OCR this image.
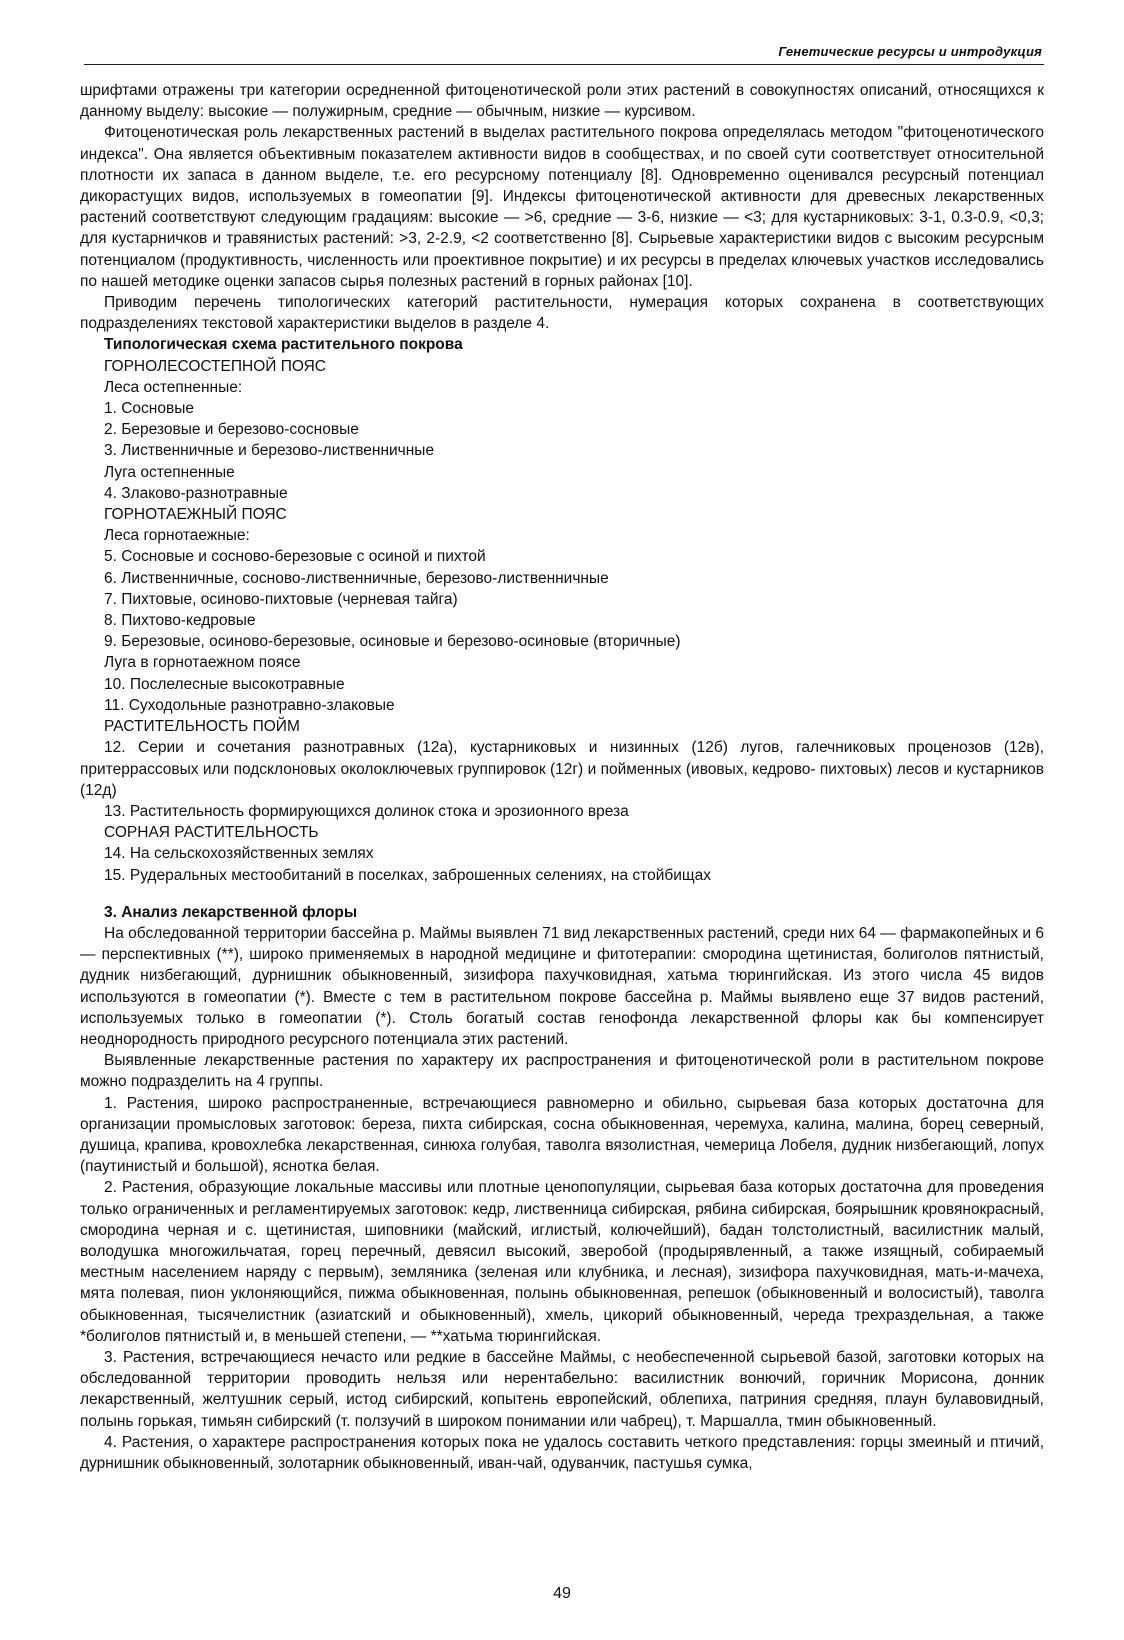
Генетические ресурсы и интродукция

шрифтами отражены три категории осредненной фитоценотической роли этих растений в совокупностях описаний, относящихся к данному выделу: высокие — полужирным, средние — обычным, низкие — курсивом.

Фитоценотическая роль лекарственных растений в выделах растительного покрова определялась методом "фитоценотического индекса". Она является объективным показателем активности видов в сообществах, и по своей сути соответствует относительной плотности их запаса в данном выделе, т.е. его ресурсному потенциалу [8]. Одновременно оценивался ресурсный потенциал дикорастущих видов, используемых в гомеопатии [9]. Индексы фитоценотической активности для древесных лекарственных растений соответствуют следующим градациям: высокие — >6, средние — 3-6, низкие — <3; для кустарниковых: 3-1, 0.3-0.9, <0,3; для кустарничков и травянистых растений: >3, 2-2.9, <2 соответственно [8]. Сырьевые характеристики видов с высоким ресурсным потенциалом (продуктивность, численность или проективное покрытие) и их ресурсы в пределах ключевых участков исследовались по нашей методике оценки запасов сырья полезных растений в горных районах [10].

Приводим перечень типологических категорий растительности, нумерация которых сохранена в соответствующих подразделениях текстовой характеристики выделов в разделе 4.

Типологическая схема растительного покрова

ГОРНОЛЕСОСТЕПНОЙ ПОЯС

Леса остепненные:

1. Сосновые

2. Березовые и березово-сосновые

3. Лиственничные и березово-лиственничные

Луга остепненные

4. Злаково-разнотравные

ГОРНОТАЕЖНЫЙ ПОЯС

Леса горнотаежные:

5. Сосновые и сосново-березовые с осиной и пихтой

6. Лиственничные, сосново-лиственничные, березово-лиственничные

7. Пихтовые, осиново-пихтовые (черневая тайга)

8. Пихтово-кедровые

9. Березовые, осиново-березовые, осиновые и березово-осиновые (вторичные)

Луга в горнотаежном поясе

10. Послелесные высокотравные

11. Суходольные разнотравно-злаковые

РАСТИТЕЛЬНОСТЬ ПОЙМ

12. Серии и сочетания разнотравных (12а), кустарниковых и низинных (12б) лугов, галечниковых проценозов (12в), притеррассовых или подсклоновых околоключевых группировок (12г) и пойменных (ивовых, кедрово- пихтовых) лесов и кустарников (12д)

13. Растительность формирующихся долинок стока и эрозионного вреза

СОРНАЯ РАСТИТЕЛЬНОСТЬ

14. На сельскохозяйственных землях

15. Рудеральных местообитаний в поселках, заброшенных селениях, на стойбищах

3. Анализ лекарственной флоры

На обследованной территории бассейна р. Маймы выявлен 71 вид лекарственных растений, среди них 64 — фармакопейных и 6 — перспективных (**), широко применяемых в народной медицине и фитотерапии: смородина щетинистая, болиголов пятнистый, дудник низбегающий, дурнишник обыкновенный, зизифора пахучковидная, хатьма тюрингийская. Из этого числа 45 видов используются в гомеопатии (*). Вместе с тем в растительном покрове бассейна р. Маймы выявлено еще 37 видов растений, используемых только в гомеопатии (*). Столь богатый состав генофонда лекарственной флоры как бы компенсирует неоднородность природного ресурсного потенциала этих растений.

Выявленные лекарственные растения по характеру их распространения и фитоценотической роли в растительном покрове можно подразделить на 4 группы.

1. Растения, широко распространенные, встречающиеся равномерно и обильно, сырьевая база которых достаточна для организации промысловых заготовок: береза, пихта сибирская, сосна обыкновенная, черемуха, калина, малина, борец северный, душица, крапива, кровохлебка лекарственная, синюха голубая, таволга вязолистная, чемерица Лобеля, дудник низбегающий, лопух (паутинистый и большой), яснотка белая.

2. Растения, образующие локальные массивы или плотные ценопопуляции, сырьевая база которых достаточна для проведения только ограниченных и регламентируемых заготовок: кедр, лиственница сибирская, рябина сибирская, боярышник кровянокрасный, смородина черная и с. щетинистая, шиповники (майский, иглистый, колючейший), бадан толстолистный, василистник малый, володушка многожильчатая, горец перечный, девясил высокий, зверобой (продырявленный, а также изящный, собираемый местным населением наряду с первым), земляника (зеленая или клубника, и лесная), зизифора пахучковидная, мать-и-мачеха, мята полевая, пион уклоняющийся, пижма обыкновенная, полынь обыкновенная, репешок (обыкновенный и волосистый), таволга обыкновенная, тысячелистник (азиатский и обыкновенный), хмель, цикорий обыкновенный, череда трехраздельная, а также *болиголов пятнистый и, в меньшей степени, — **хатьма тюрингийская.

3. Растения, встречающиеся нечасто или редкие в бассейне Маймы, с необеспеченной сырьевой базой, заготовки которых на обследованной территории проводить нельзя или нерентабельно: василистник вонючий, горичник Морисона, донник лекарственный, желтушник серый, истод сибирский, копытень европейский, облепиха, патриния средняя, плаун булавовидный, полынь горькая, тимьян сибирский (т. ползучий в широком понимании или чабрец), т. Маршалла, тмин обыкновенный.

4. Растения, о характере распространения которых пока не удалось составить четкого представления: горцы змеиный и птичий, дурнишник обыкновенный, золотарник обыкновенный, иван-чай, одуванчик, пастушья сумка,

49
